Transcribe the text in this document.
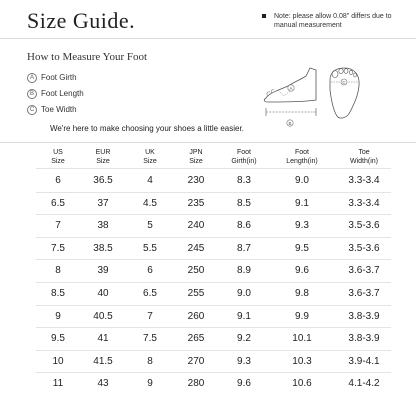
Size Guide.	Note: please allow 0.08" differs due to manual measurement
How to Measure Your Foot
A Foot Girth
B Foot Length
C Toe Width
We're here to make choosing your shoes a little easier.
A
B
C
US
Size
EUR
Size
UK
Size
JPN
Size
Foot
Girth(in)
Foot
Length(in)
Toe
Width(in)
6	36.5	4	230	8.3	9.0	3.3-3.4
6.5	37	4.5	235	8.5	9.1	3.3-3.4
7	38	5	240	8.6	9.3	3.5-3.6
7.5	38.5	5.5	245	8.7	9.5	3.5-3.6
8	39	6	250	8.9	9.6	3.6-3.7
8.5	40	6.5	255	9.0	9.8	3.6-3.7
9	40.5	7	260	9.1	9.9	3.8-3.9
9.5	41	7.5	265	9.2	10.1	3.8-3.9
10	41.5	8	270	9.3	10.3	3.9-4.1
11	43	9	280	9.6	10.6	4.1-4.2
